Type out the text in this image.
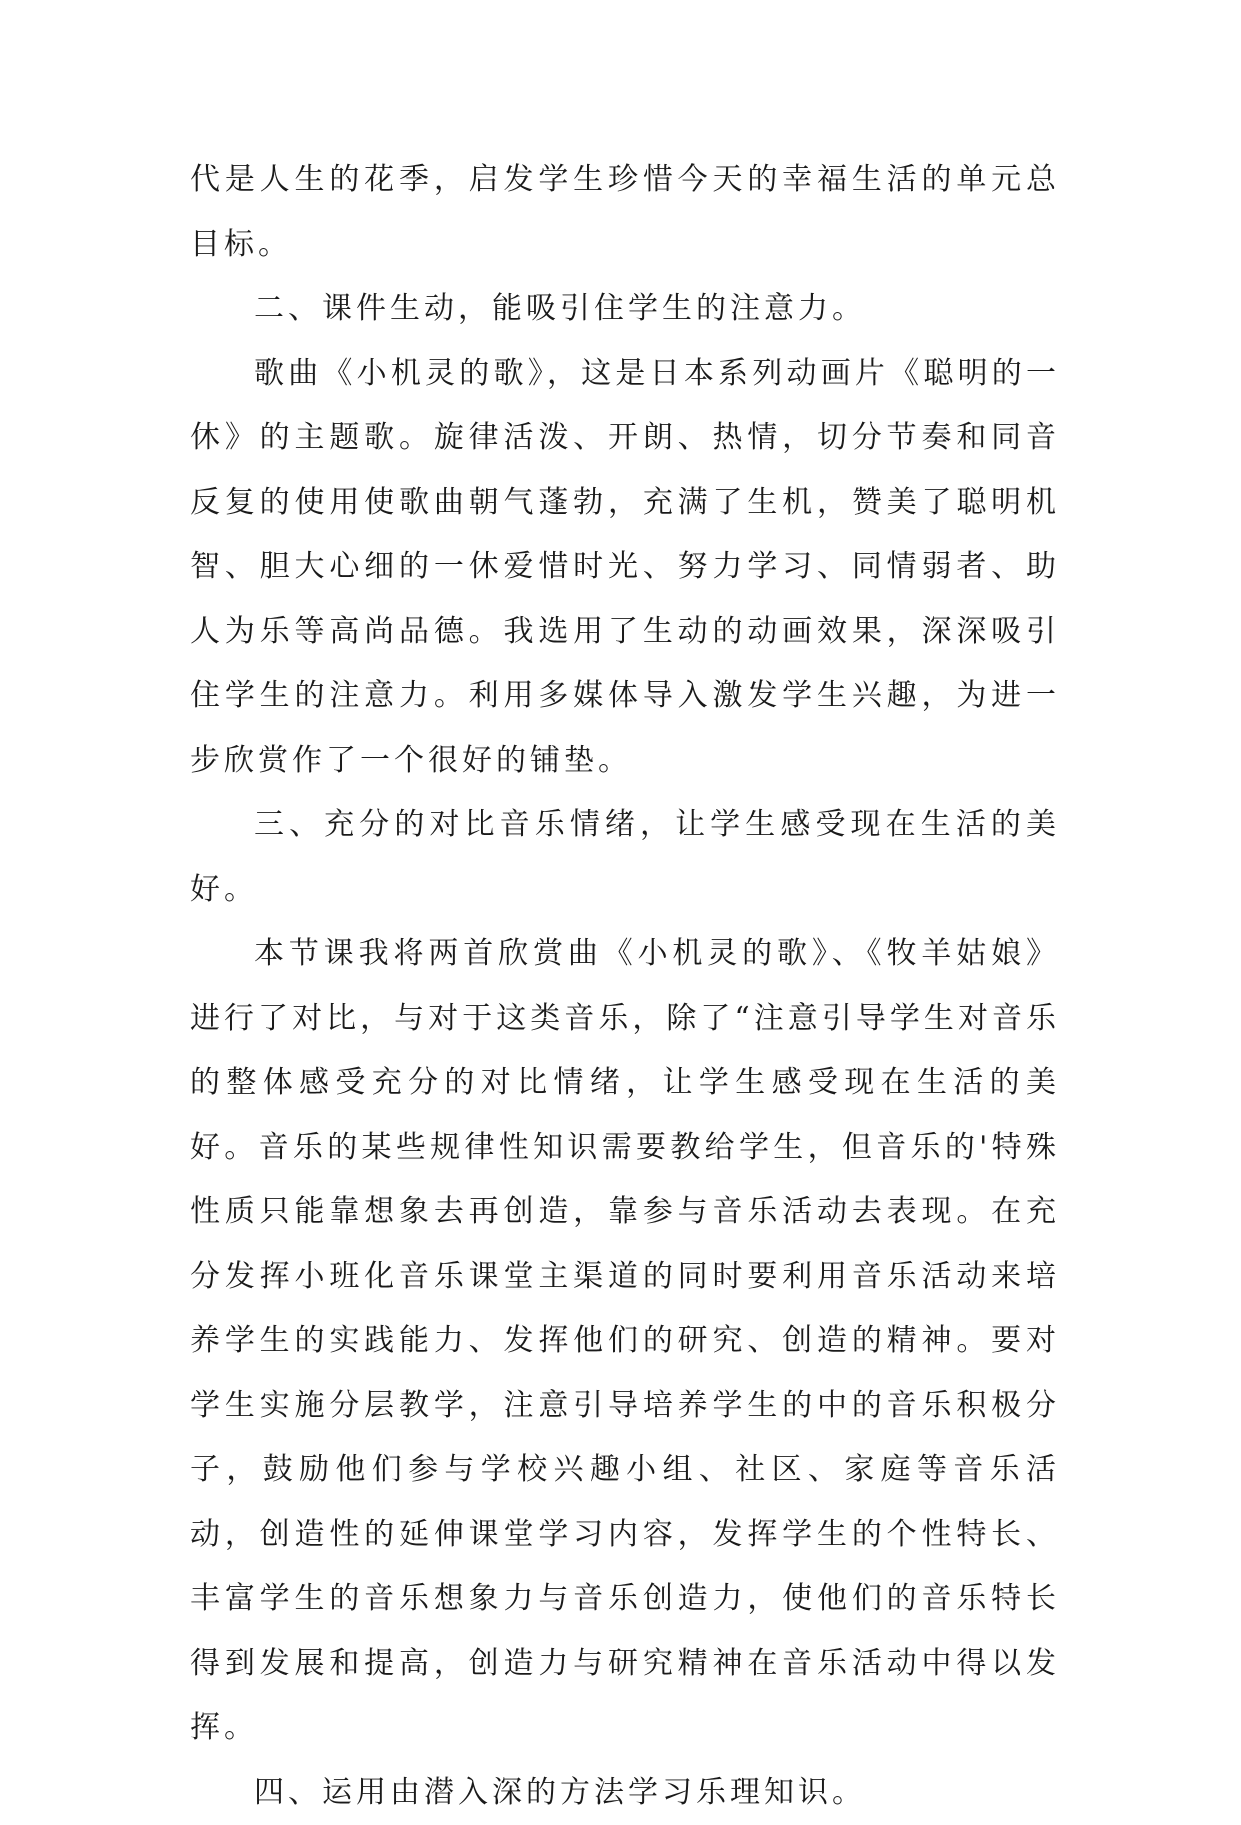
代是人生的花季，启发学生珍惜今天的幸福生活的单元总目标。

二、课件生动，能吸引住学生的注意力。

歌曲《小机灵的歌》，这是日本系列动画片《聪明的一休》的主题歌。旋律活泼、开朗、热情，切分节奏和同音反复的使用使歌曲朝气蓬勃，充满了生机，赞美了聪明机智、胆大心细的一休爱惜时光、努力学习、同情弱者、助人为乐等高尚品德。我选用了生动的动画效果，深深吸引住学生的注意力。利用多媒体导入激发学生兴趣，为进一步欣赏作了一个很好的铺垫。

三、充分的对比音乐情绪，让学生感受现在生活的美好。

本节课我将两首欣赏曲《小机灵的歌》、《牧羊姑娘》进行了对比，与对于这类音乐，除了“注意引导学生对音乐的整体感受充分的对比情绪，让学生感受现在生活的美好。音乐的某些规律性知识需要教给学生，但音乐的'特殊性质只能靠想象去再创造，靠参与音乐活动去表现。在充分发挥小班化音乐课堂主渠道的同时要利用音乐活动来培养学生的实践能力、发挥他们的研究、创造的精神。要对学生实施分层教学，注意引导培养学生的中的音乐积极分子，鼓励他们参与学校兴趣小组、社区、家庭等音乐活动，创造性的延伸课堂学习内容，发挥学生的个性特长、丰富学生的音乐想象力与音乐创造力，使他们的音乐特长得到发展和提高，创造力与研究精神在音乐活动中得以发挥。

四、运用由潜入深的方法学习乐理知识。
